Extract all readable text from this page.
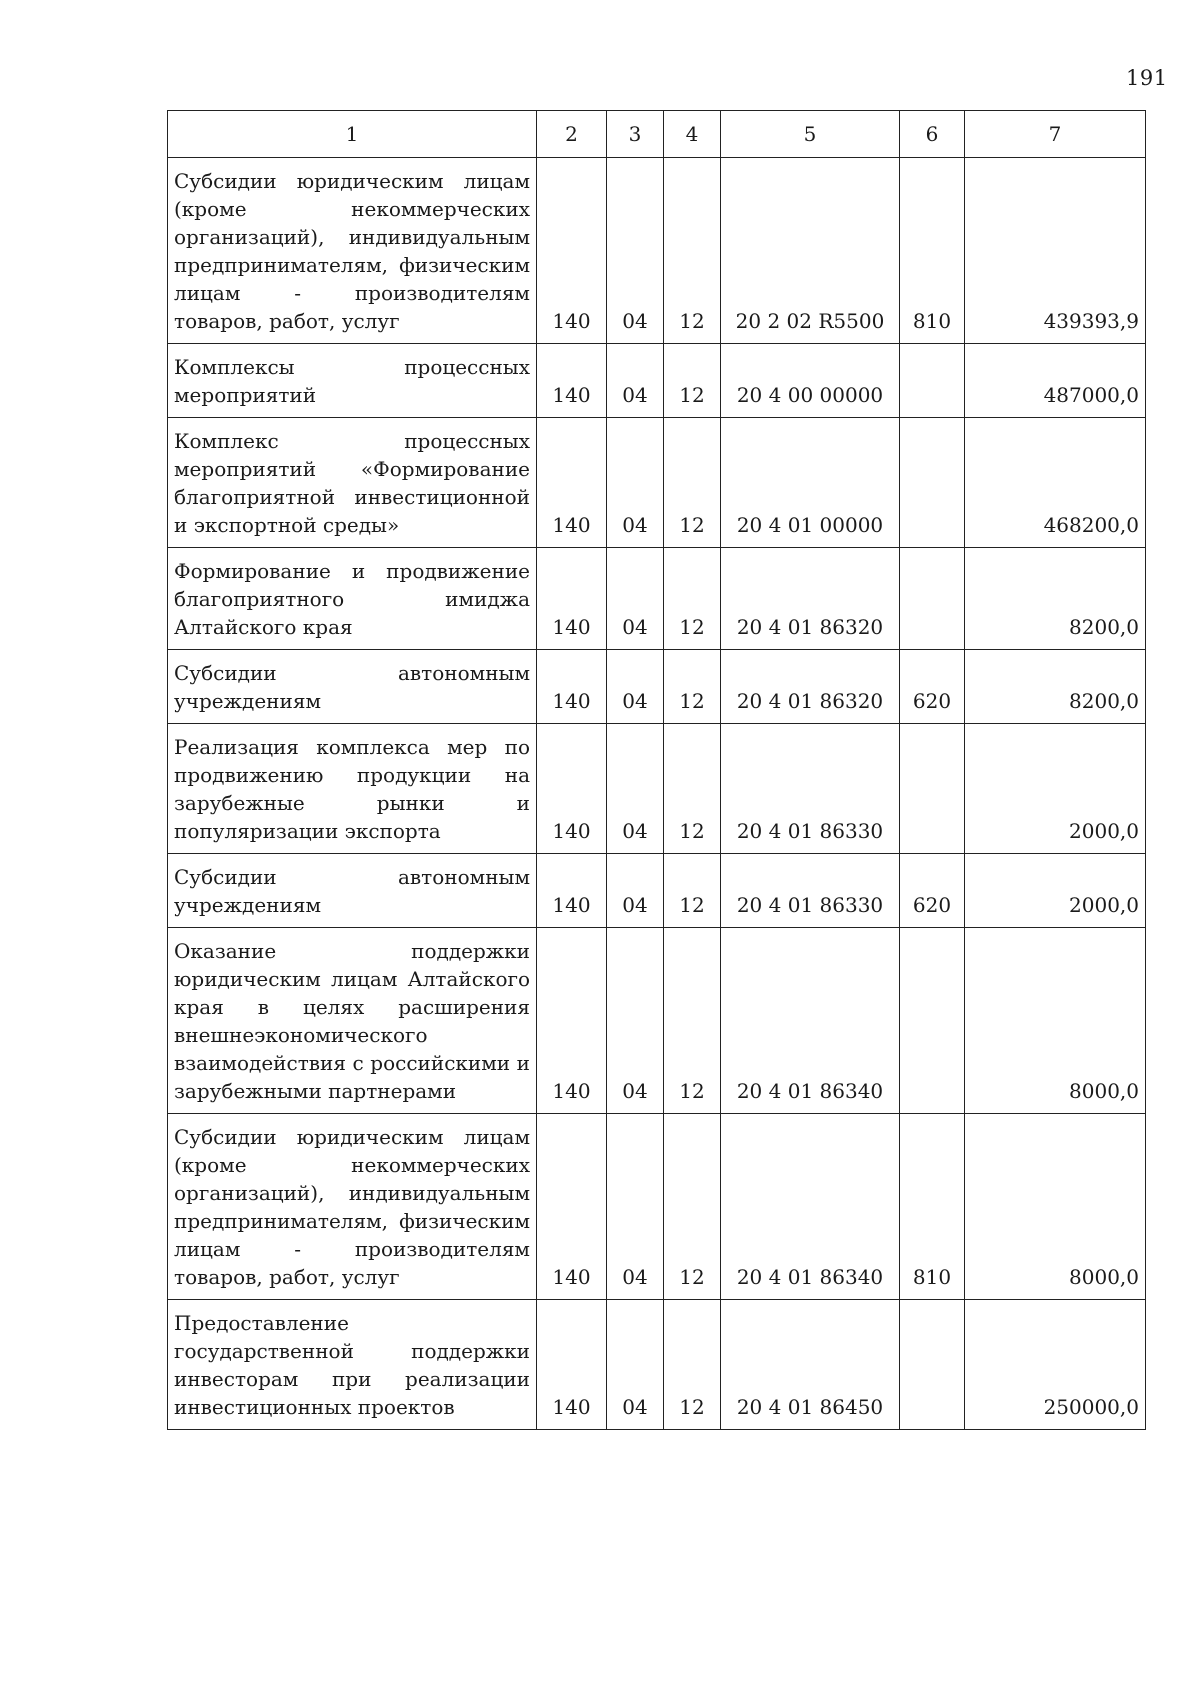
191
1	2	3	4	5	6	7
Субсидии юридическим лицам (кроме некоммерческих организаций), индивидуальным предпринимателям, физическим лицам - производителям товаров, работ, услуг	140	04	12	20 2 02 R5500	810	439393,9
Комплексы процессных мероприятий	140	04	12	20 4 00 00000		487000,0
Комплекс процессных мероприятий «Формирование благоприятной инвестиционной и экспортной среды»	140	04	12	20 4 01 00000		468200,0
Формирование и продвижение благоприятного имиджа Алтайского края	140	04	12	20 4 01 86320		8200,0
Субсидии автономным учреждениям	140	04	12	20 4 01 86320	620	8200,0
Реализация комплекса мер по продвижению продукции на зарубежные рынки и популяризации экспорта	140	04	12	20 4 01 86330		2000,0
Субсидии автономным учреждениям	140	04	12	20 4 01 86330	620	2000,0
Оказание поддержки юридическим лицам Алтайского края в целях расширения внешнеэкономического взаимодействия с российскими и зарубежными партнерами	140	04	12	20 4 01 86340		8000,0
Субсидии юридическим лицам (кроме некоммерческих организаций), индивидуальным предпринимателям, физическим лицам - производителям товаров, работ, услуг	140	04	12	20 4 01 86340	810	8000,0
Предоставление государственной поддержки инвесторам при реализации инвестиционных проектов	140	04	12	20 4 01 86450		250000,0
